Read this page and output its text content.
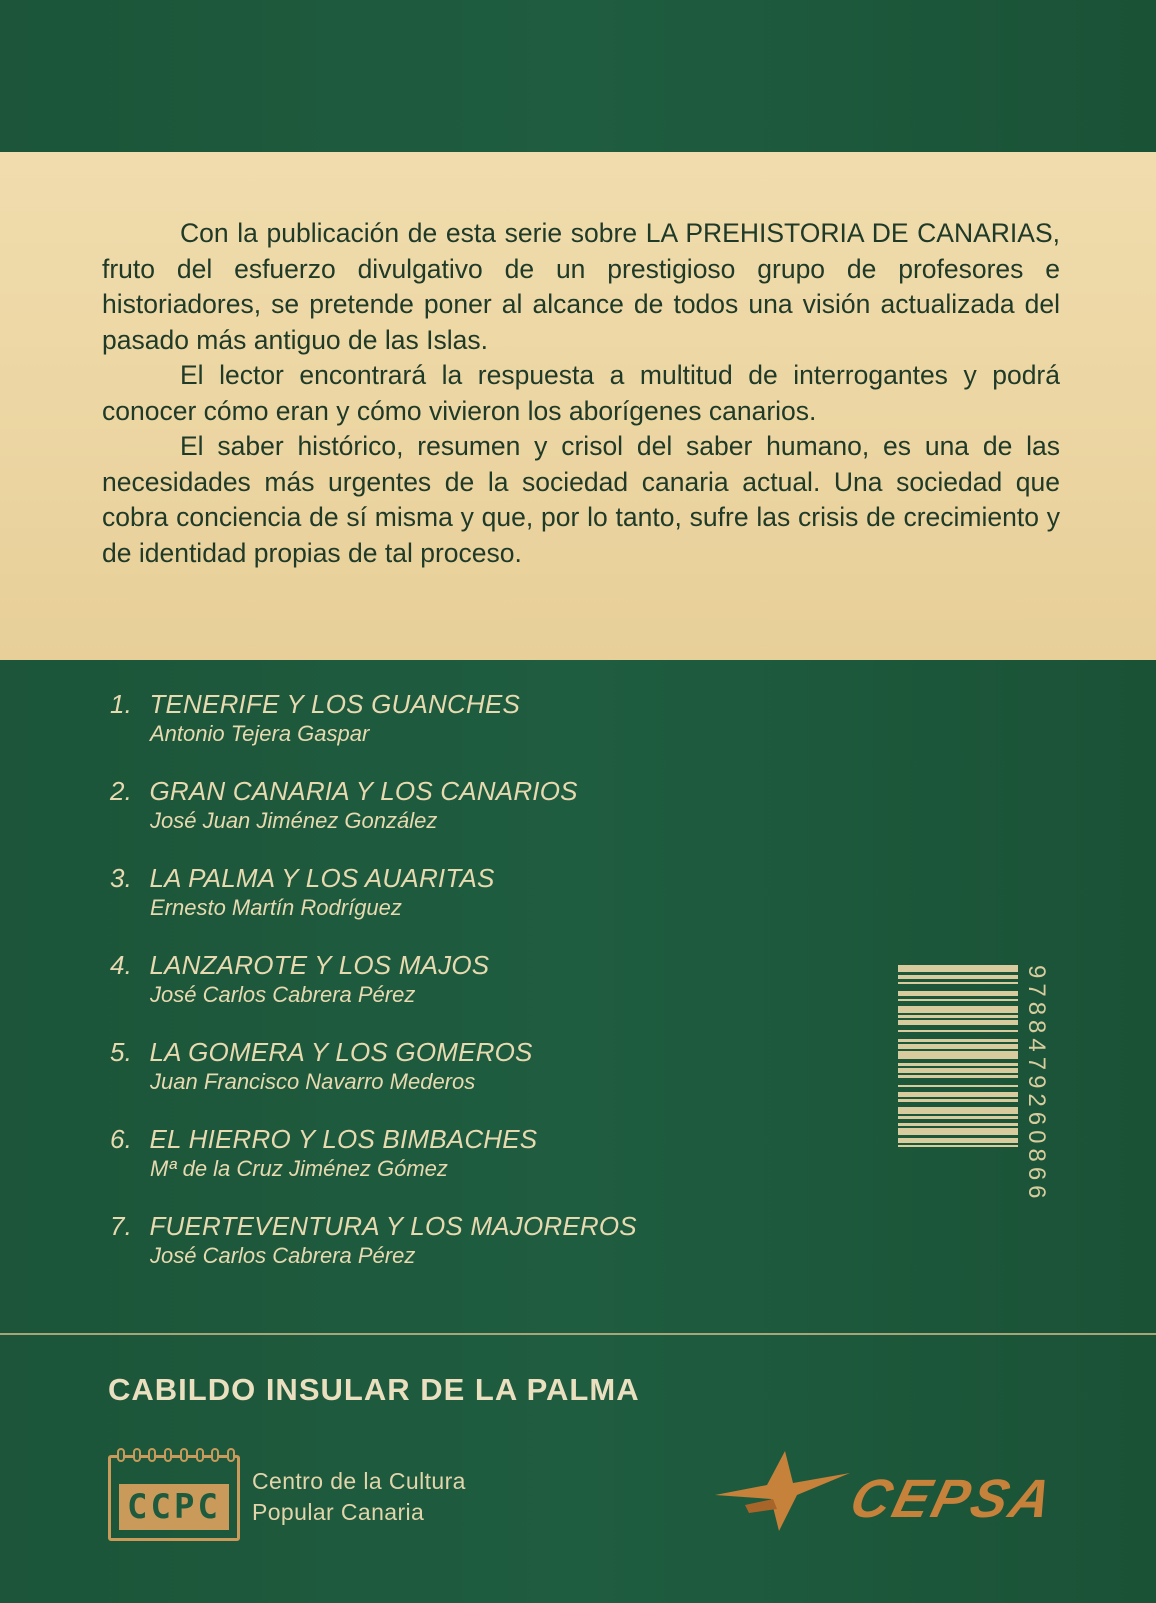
Con la publicación de esta serie sobre LA PREHISTORIA DE CANARIAS, fruto del esfuerzo divulgativo de un prestigioso grupo de profesores e historiadores, se pretende poner al alcance de todos una visión actualizada del pasado más antiguo de las Islas.

El lector encontrará la respuesta a multitud de interrogantes y podrá conocer cómo eran y cómo vivieron los aborígenes canarios.

El saber histórico, resumen y crisol del saber humano, es una de las necesidades más urgentes de la sociedad canaria actual. Una sociedad que cobra conciencia de sí misma y que, por lo tanto, sufre las crisis de crecimiento y de identidad propias de tal proceso.

1. TENERIFE Y LOS GUANCHES
Antonio Tejera Gaspar
2. GRAN CANARIA Y LOS CANARIOS
José Juan Jiménez González
3. LA PALMA Y LOS AUARITAS
Ernesto Martín Rodríguez
4. LANZAROTE Y LOS MAJOS
José Carlos Cabrera Pérez
5. LA GOMERA Y LOS GOMEROS
Juan Francisco Navarro Mederos
6. EL HIERRO Y LOS BIMBACHES
Mª de la Cruz Jiménez Gómez
7. FUERTEVENTURA Y LOS MAJOREROS
José Carlos Cabrera Pérez
9788479260866
CABILDO INSULAR DE LA PALMA
CCPC
Centro de la Cultura
Popular Canaria	CEPSA
